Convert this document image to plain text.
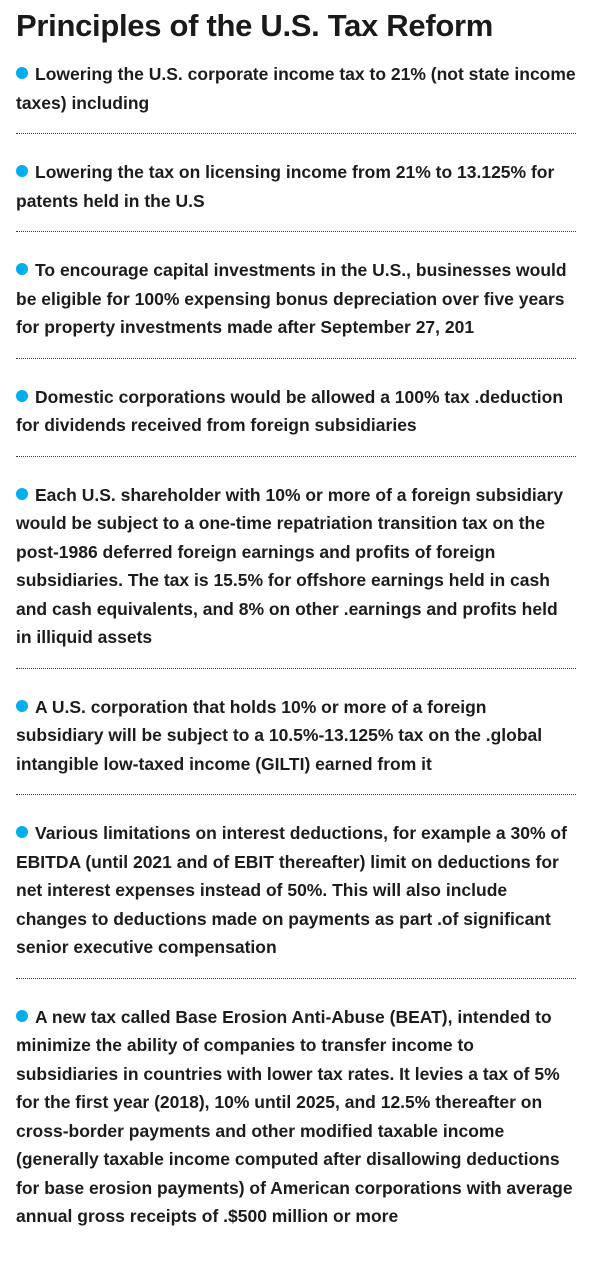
Principles of the U.S. Tax Reform
Lowering the U.S. corporate income tax to 21% (not state income taxes) including
Lowering the tax on licensing income from 21% to 13.125% for patents held in the U.S
To encourage capital investments in the U.S., businesses would be eligible for 100% expensing bonus depreciation over five years for property investments made after September 27, 201
Domestic corporations would be allowed a 100% tax .deduction for dividends received from foreign subsidiaries
Each U.S. shareholder with 10% or more of a foreign subsidiary would be subject to a one-time repatriation transition tax on the post-1986 deferred foreign earnings and profits of foreign subsidiaries. The tax is 15.5% for offshore earnings held in cash and cash equivalents, and 8% on other .earnings and profits held in illiquid assets
A U.S. corporation that holds 10% or more of a foreign subsidiary will be subject to a 10.5%-13.125% tax on the .global intangible low-taxed income (GILTI) earned from it
Various limitations on interest deductions, for example a 30% of EBITDA (until 2021 and of EBIT thereafter) limit on deductions for net interest expenses instead of 50%. This will also include changes to deductions made on payments as part .of significant senior executive compensation
A new tax called Base Erosion Anti-Abuse (BEAT), intended to minimize the ability of companies to transfer income to subsidiaries in countries with lower tax rates. It levies a tax of 5% for the first year (2018), 10% until 2025, and 12.5% thereafter on cross-border payments and other modified taxable income (generally taxable income computed after disallowing deductions for base erosion payments) of American corporations with average annual gross receipts of .$500 million or more
